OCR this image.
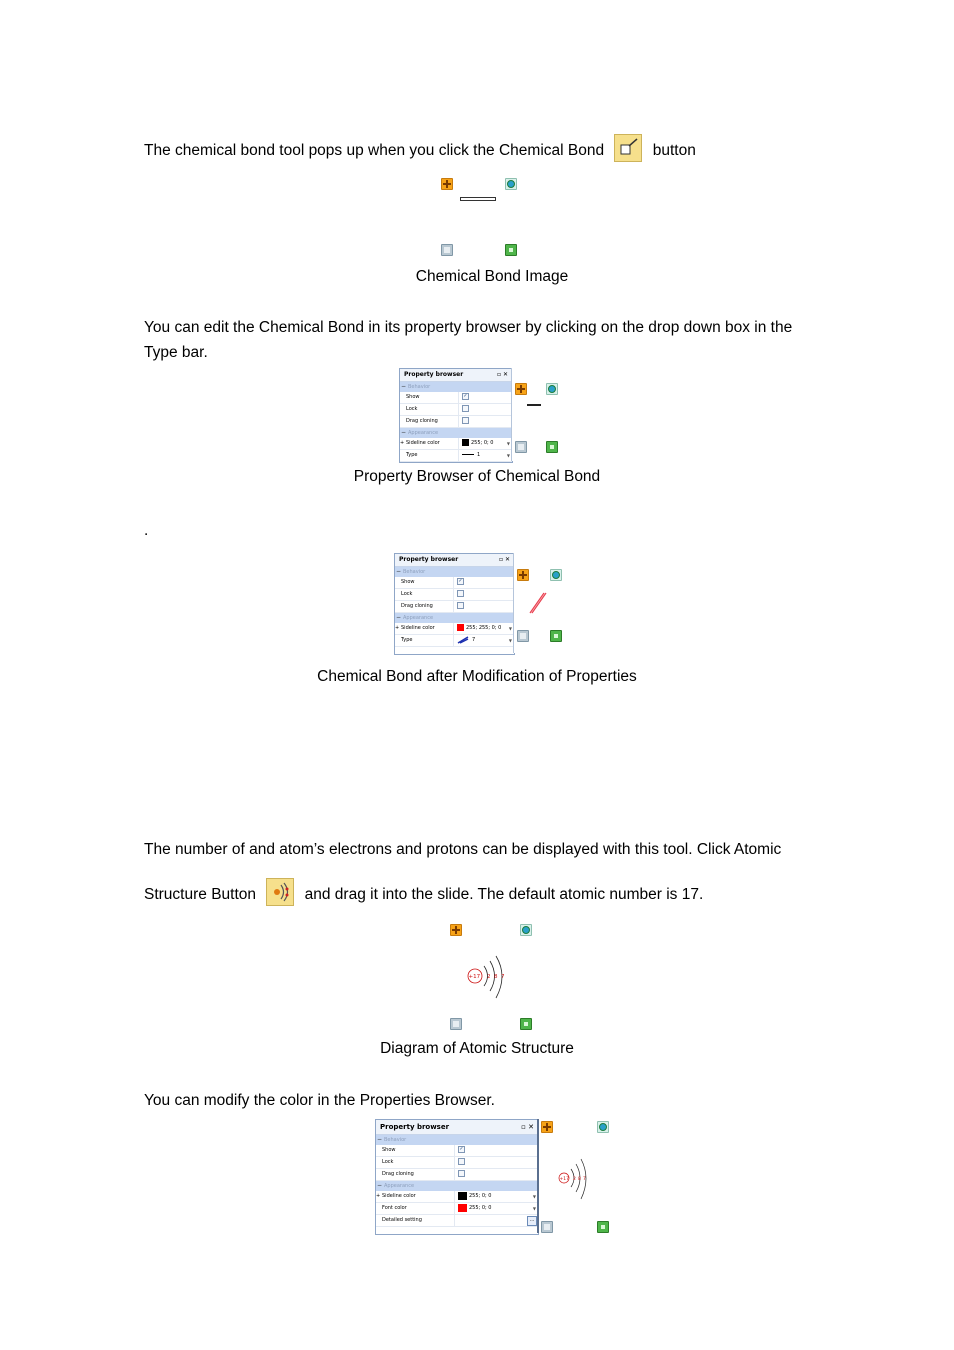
The chemical bond tool pops up when you click the Chemical Bond	button
Chemical Bond Image
You can edit the Chemical Bond in its property browser by clicking on the drop down box in the Type bar.
Property browser	▫ ✕
− Behavior
Show	✓
Lock
Drag cloning
− Appearance
+ Sideline color	255; 0; 0	▼
Type	1	▼
Property Browser of Chemical Bond
.
Property browser	▫ ✕
− Behavior
Show	✓
Lock
Drag cloning
− Appearance
+ Sideline color	255; 255; 0; 0 ▼
Type	7	▼
Chemical Bond after Modification of Properties
The number of and atom’s electrons and protons can be displayed with this tool. Click Atomic
Structure Button	and drag it into the slide. The default atomic number is 17.
+17 2 8 7
Diagram of Atomic Structure
You can modify the color in the Properties Browser.
Property browser	▫ ✕
− Behavior
Show	✓
Lock
Drag cloning
− Appearance
+ Sideline color	255; 0; 0	▼
Font color	255; 0; 0	▼
Detailed setting	...
+17 2 8 7
